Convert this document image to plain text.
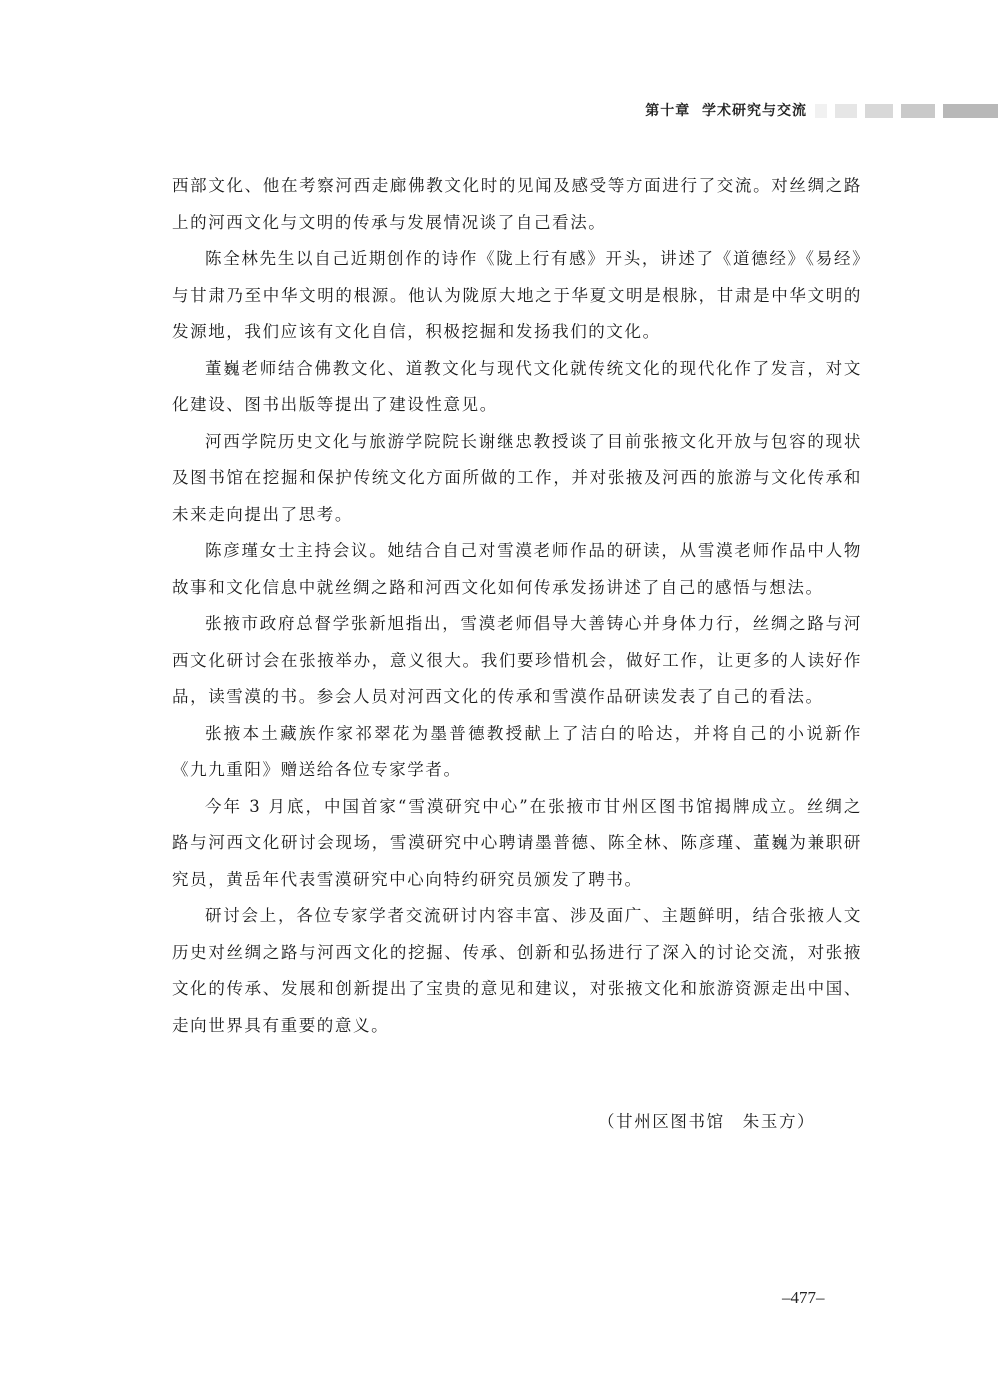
第十章 学术研究与交流

西部文化、他在考察河西走廊佛教文化时的见闻及感受等方面进行了交流。对丝绸之路上的河西文化与文明的传承与发展情况谈了自己看法。

陈全林先生以自己近期创作的诗作《陇上行有感》开头，讲述了《道德经》《易经》与甘肃乃至中华文明的根源。他认为陇原大地之于华夏文明是根脉，甘肃是中华文明的发源地，我们应该有文化自信，积极挖掘和发扬我们的文化。

董巍老师结合佛教文化、道教文化与现代文化就传统文化的现代化作了发言，对文化建设、图书出版等提出了建设性意见。

河西学院历史文化与旅游学院院长谢继忠教授谈了目前张掖文化开放与包容的现状及图书馆在挖掘和保护传统文化方面所做的工作，并对张掖及河西的旅游与文化传承和未来走向提出了思考。

陈彦瑾女士主持会议。她结合自己对雪漠老师作品的研读，从雪漠老师作品中人物故事和文化信息中就丝绸之路和河西文化如何传承发扬讲述了自己的感悟与想法。

张掖市政府总督学张新旭指出，雪漠老师倡导大善铸心并身体力行，丝绸之路与河西文化研讨会在张掖举办，意义很大。我们要珍惜机会，做好工作，让更多的人读好作品，读雪漠的书。参会人员对河西文化的传承和雪漠作品研读发表了自己的看法。

张掖本土藏族作家祁翠花为墨普德教授献上了洁白的哈达，并将自己的小说新作《九九重阳》赠送给各位专家学者。

今年 3 月底，中国首家“雪漠研究中心”在张掖市甘州区图书馆揭牌成立。丝绸之路与河西文化研讨会现场，雪漠研究中心聘请墨普德、陈全林、陈彦瑾、董巍为兼职研究员，黄岳年代表雪漠研究中心向特约研究员颁发了聘书。

研讨会上，各位专家学者交流研讨内容丰富、涉及面广、主题鲜明，结合张掖人文历史对丝绸之路与河西文化的挖掘、传承、创新和弘扬进行了深入的讨论交流，对张掖文化的传承、发展和创新提出了宝贵的意见和建议，对张掖文化和旅游资源走出中国、走向世界具有重要的意义。

（甘州区图书馆　朱玉方）
–477–
